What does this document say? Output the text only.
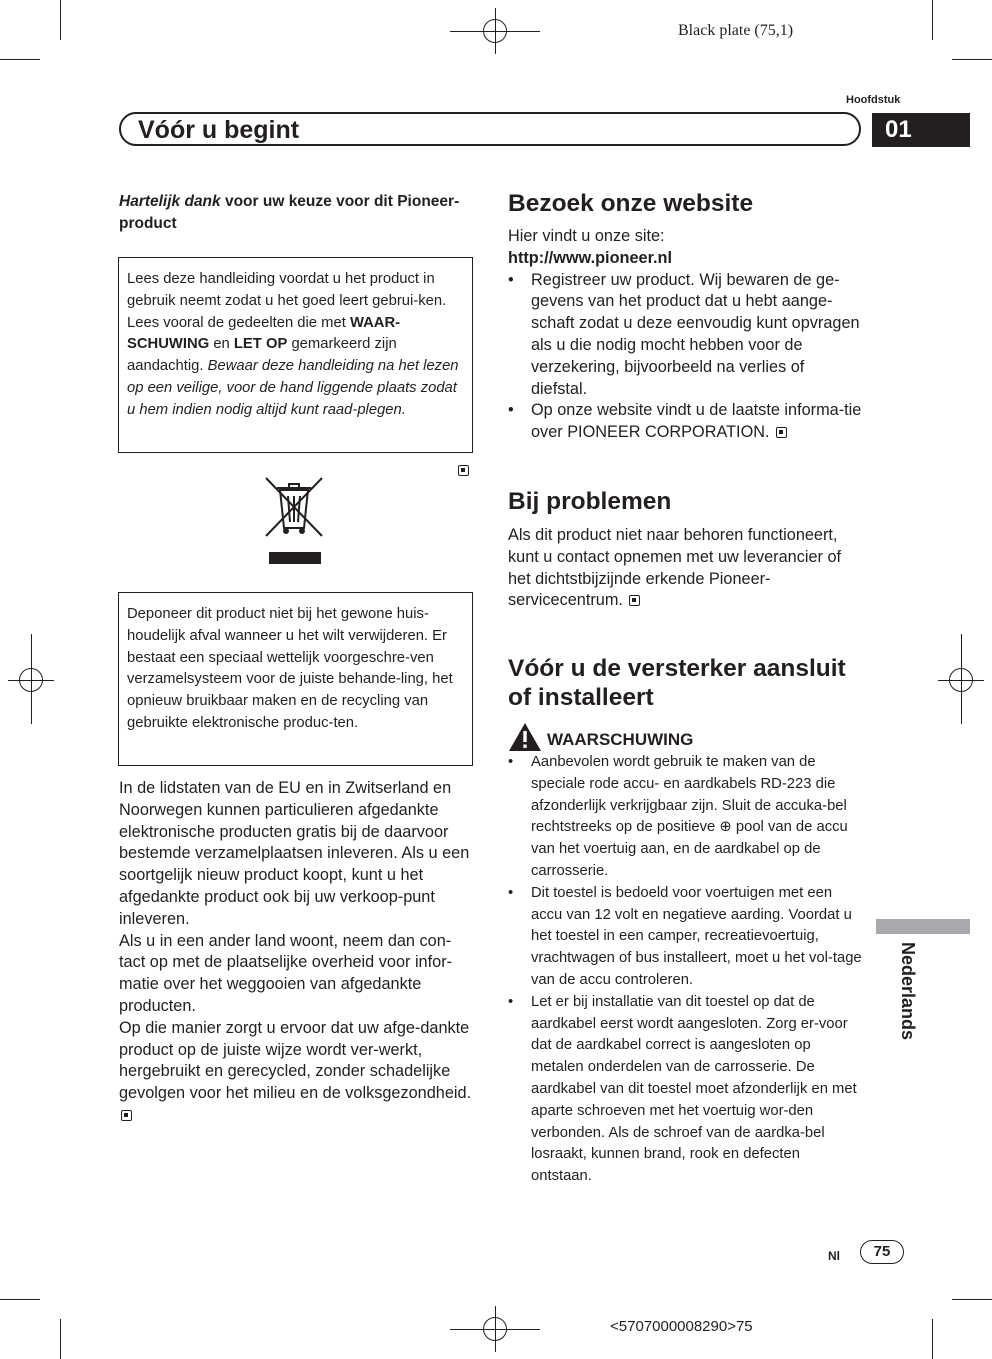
Black plate (75,1)
Hoofdstuk
Vóór u begint	01
Hartelijk dank voor uw keuze voor dit Pioneer-product
Lees deze handleiding voordat u het product in gebruik neemt zodat u het goed leert gebrui-ken. Lees vooral de gedeelten die met WAAR-SCHUWING en LET OP gemarkeerd zijn aandachtig. Bewaar deze handleiding na het lezen op een veilige, voor de hand liggende plaats zodat u hem indien nodig altijd kunt raad-plegen.
Deponeer dit product niet bij het gewone huis-houdelijk afval wanneer u het wilt verwijderen. Er bestaat een speciaal wettelijk voorgeschre-ven verzamelsysteem voor de juiste behande-ling, het opnieuw bruikbaar maken en de recycling van gebruikte elektronische produc-ten.
In de lidstaten van de EU en in Zwitserland en Noorwegen kunnen particulieren afgedankte elektronische producten gratis bij de daarvoor bestemde verzamelplaatsen inleveren. Als u een soortgelijk nieuw product koopt, kunt u het afgedankte product ook bij uw verkoop-punt inleveren.
Als u in een ander land woont, neem dan con-tact op met de plaatselijke overheid voor infor-matie over het weggooien van afgedankte producten.
Op die manier zorgt u ervoor dat uw afge-dankte product op de juiste wijze wordt ver-werkt, hergebruikt en gerecycled, zonder schadelijke gevolgen voor het milieu en de volksgezondheid.
Bezoek onze website
Hier vindt u onze site:
http://www.pioneer.nl
• Registreer uw product. Wij bewaren de ge-gevens van het product dat u hebt aange-schaft zodat u deze eenvoudig kunt opvragen als u die nodig mocht hebben voor de verzekering, bijvoorbeeld na verlies of diefstal.
• Op onze website vindt u de laatste informa-tie over PIONEER CORPORATION.
Bij problemen
Als dit product niet naar behoren functioneert, kunt u contact opnemen met uw leverancier of het dichtstbijzijnde erkende Pioneer-servicecentrum.
Vóór u de versterker aansluit of installeert
WAARSCHUWING
• Aanbevolen wordt gebruik te maken van de speciale rode accu- en aardkabels RD-223 die afzonderlijk verkrijgbaar zijn. Sluit de accuka-bel rechtstreeks op de positieve ⊕ pool van de accu van het voertuig aan, en de aardkabel op de carrosserie.
• Dit toestel is bedoeld voor voertuigen met een accu van 12 volt en negatieve aarding. Voordat u het toestel in een camper, recreatievoertuig, vrachtwagen of bus installeert, moet u het vol-tage van de accu controleren.
• Let er bij installatie van dit toestel op dat de aardkabel eerst wordt aangesloten. Zorg er-voor dat de aardkabel correct is aangesloten op metalen onderdelen van de carrosserie. De aardkabel van dit toestel moet afzonderlijk en met aparte schroeven met het voertuig wor-den verbonden. Als de schroef van de aardka-bel losraakt, kunnen brand, rook en defecten ontstaan.
Nederlands
Nl	75
<5707000008290>75
